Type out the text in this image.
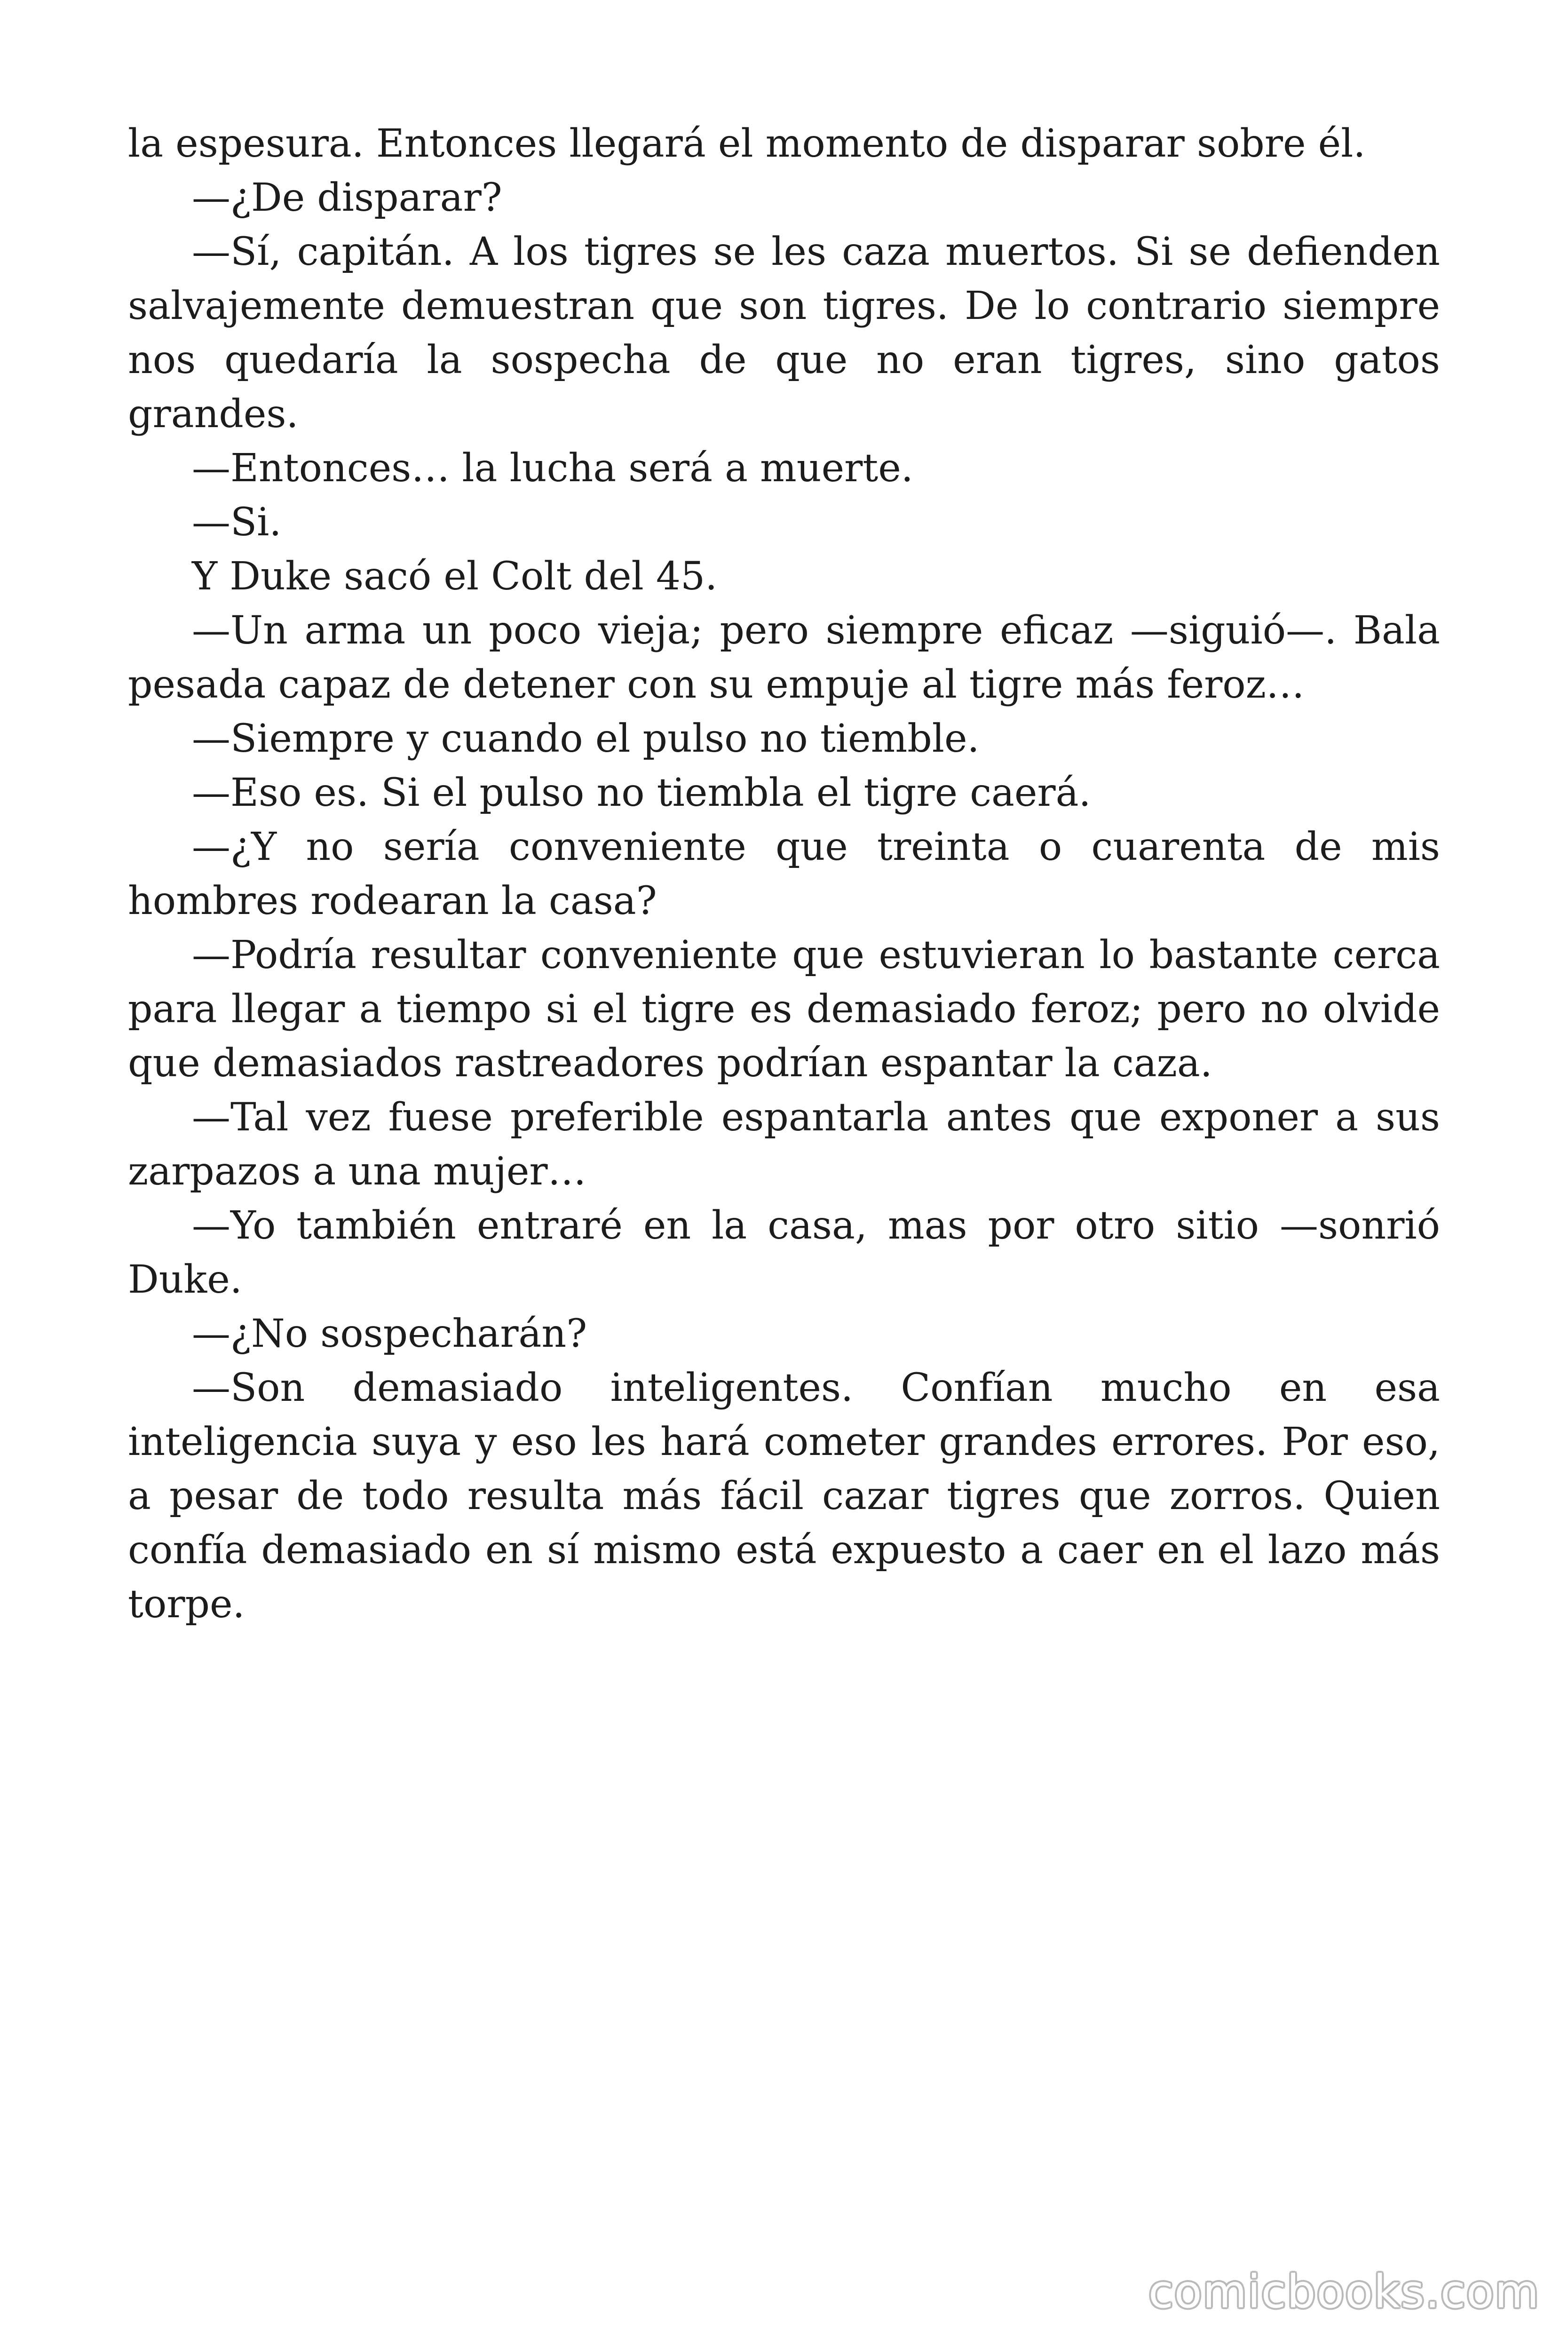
la espesura. Entonces llegará el momento de disparar sobre él.

—¿De disparar?

—Sí, capitán. A los tigres se les caza muertos. Si se defienden salvajemente demuestran que son tigres. De lo contrario siempre nos quedaría la sospecha de que no eran tigres, sino gatos grandes.

—Entonces… la lucha será a muerte.

—Si.

Y Duke sacó el Colt del 45.

—Un arma un poco vieja; pero siempre eficaz —siguió—. Bala pesada capaz de detener con su empuje al tigre más feroz…

—Siempre y cuando el pulso no tiemble.

—Eso es. Si el pulso no tiembla el tigre caerá.

—¿Y no sería conveniente que treinta o cuarenta de mis hombres rodearan la casa?

—Podría resultar conveniente que estuvieran lo bastante cerca para llegar a tiempo si el tigre es demasiado feroz; pero no olvide que demasiados rastreadores podrían espantar la caza.

—Tal vez fuese preferible espantarla antes que exponer a sus zarpazos a una mujer…

—Yo también entraré en la casa, mas por otro sitio —sonrió Duke.

—¿No sospecharán?

—Son demasiado inteligentes. Confían mucho en esa inteligencia suya y eso les hará cometer grandes errores. Por eso, a pesar de todo resulta más fácil cazar tigres que zorros. Quien confía demasiado en sí mismo está expuesto a caer en el lazo más torpe.

comicbooks.com
